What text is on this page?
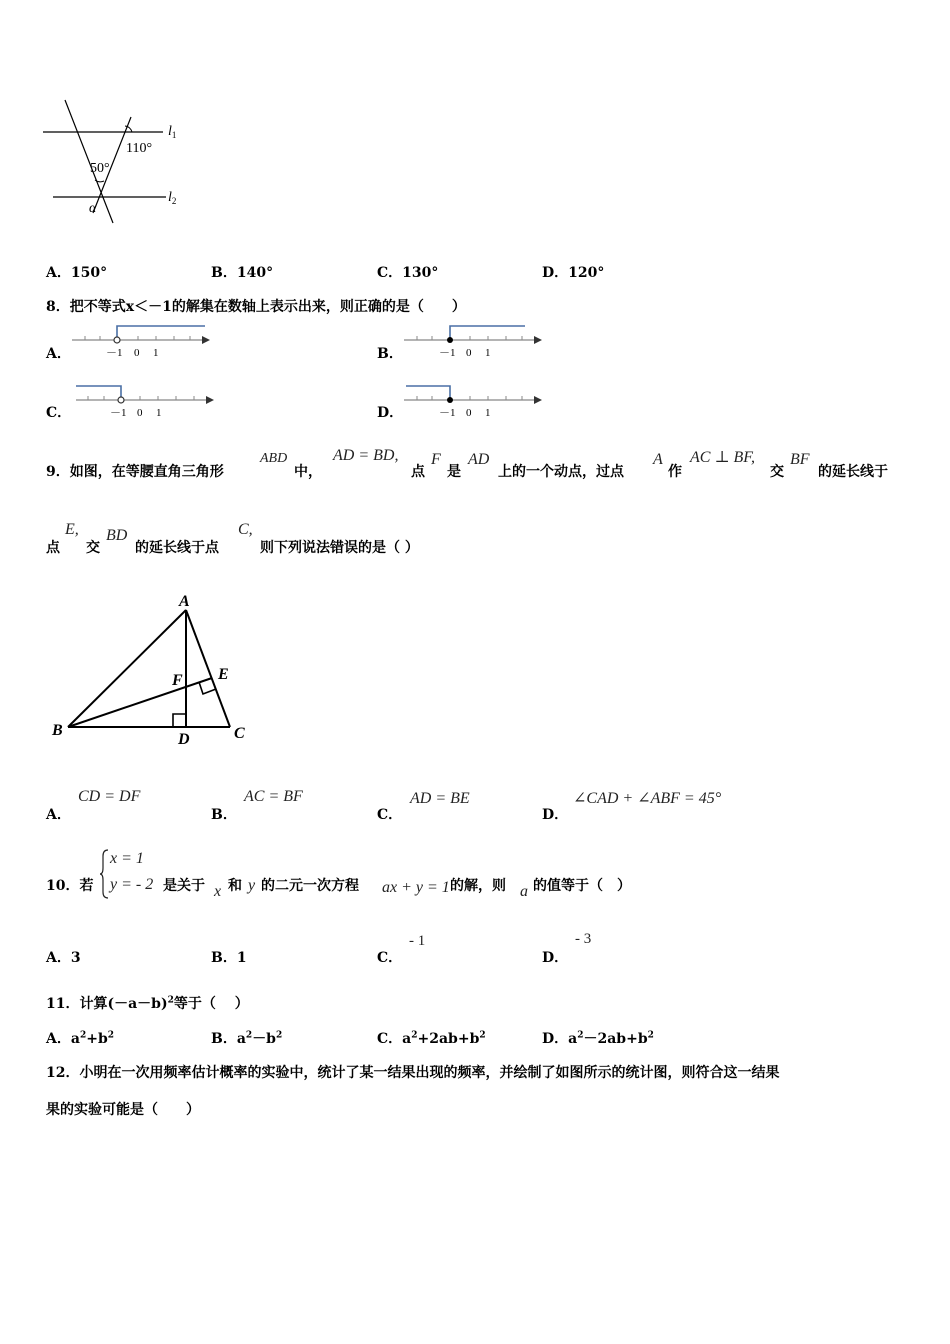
$l_1$
$l_2$
110°
50°
α
A．150°	B．140°	C．130°	D．120°
8．把不等式x＜－1的解集在数轴上表示出来，则正确的是（　　）
A．	B．
C．	D．
－1 0 1	－1 0 1
－1 0 1	－1 0 1
9．如图，在等腰直角三角形
ABD
中，
AD = BD,
点
F
是
AD
上的一个动点，过点
A
作
AC ⊥ BF,
交
BF
的延长线于
点
E,
交
BD
的延长线于点
C,
则下列说法错误的是（ ）
A
B	C
D
E
F
A．
CD = DF
B．
AC = BF
C．
AD = BE
D．
∠CAD + ∠ABF = 45°
10．若
x = 1
y = - 2 是关于 x 和 y 的二元一次方程 ax + y = 1 的解，则 a 的值等于（　）
A．3	B．1	C．
- 1
D．
- 3
11．计算$(-a-b)^2$等于（　 ）
A．$a^2+b^2$	B．$a^2-b^2$	C．$a^2+2ab+b^2$	D．$a^2-2ab+b^2$
12．小明在一次用频率估计概率的实验中，统计了某一结果出现的频率，并绘制了如图所示的统计图，则符合这一结果
果的实验可能是（　　）
